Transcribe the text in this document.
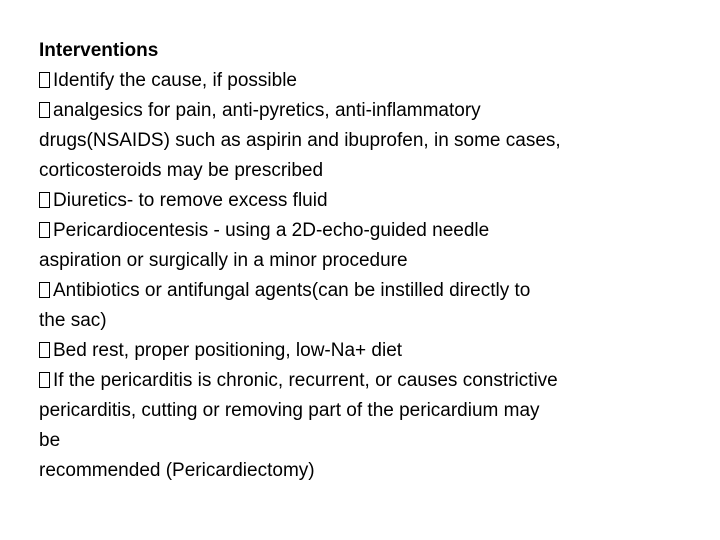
Interventions
Identify the cause, if possible
analgesics for pain, anti-pyretics, anti-inflammatory
drugs(NSAIDS) such as aspirin and ibuprofen, in some cases,
corticosteroids may be prescribed
Diuretics- to remove excess fluid
Pericardiocentesis - using a 2D-echo-guided needle
aspiration or surgically in a minor procedure
Antibiotics or antifungal agents(can be instilled directly to
the sac)
Bed rest, proper positioning, low-Na+ diet
If the pericarditis is chronic, recurrent, or causes constrictive
pericarditis, cutting or removing part of the pericardium may
be
recommended (Pericardiectomy)
